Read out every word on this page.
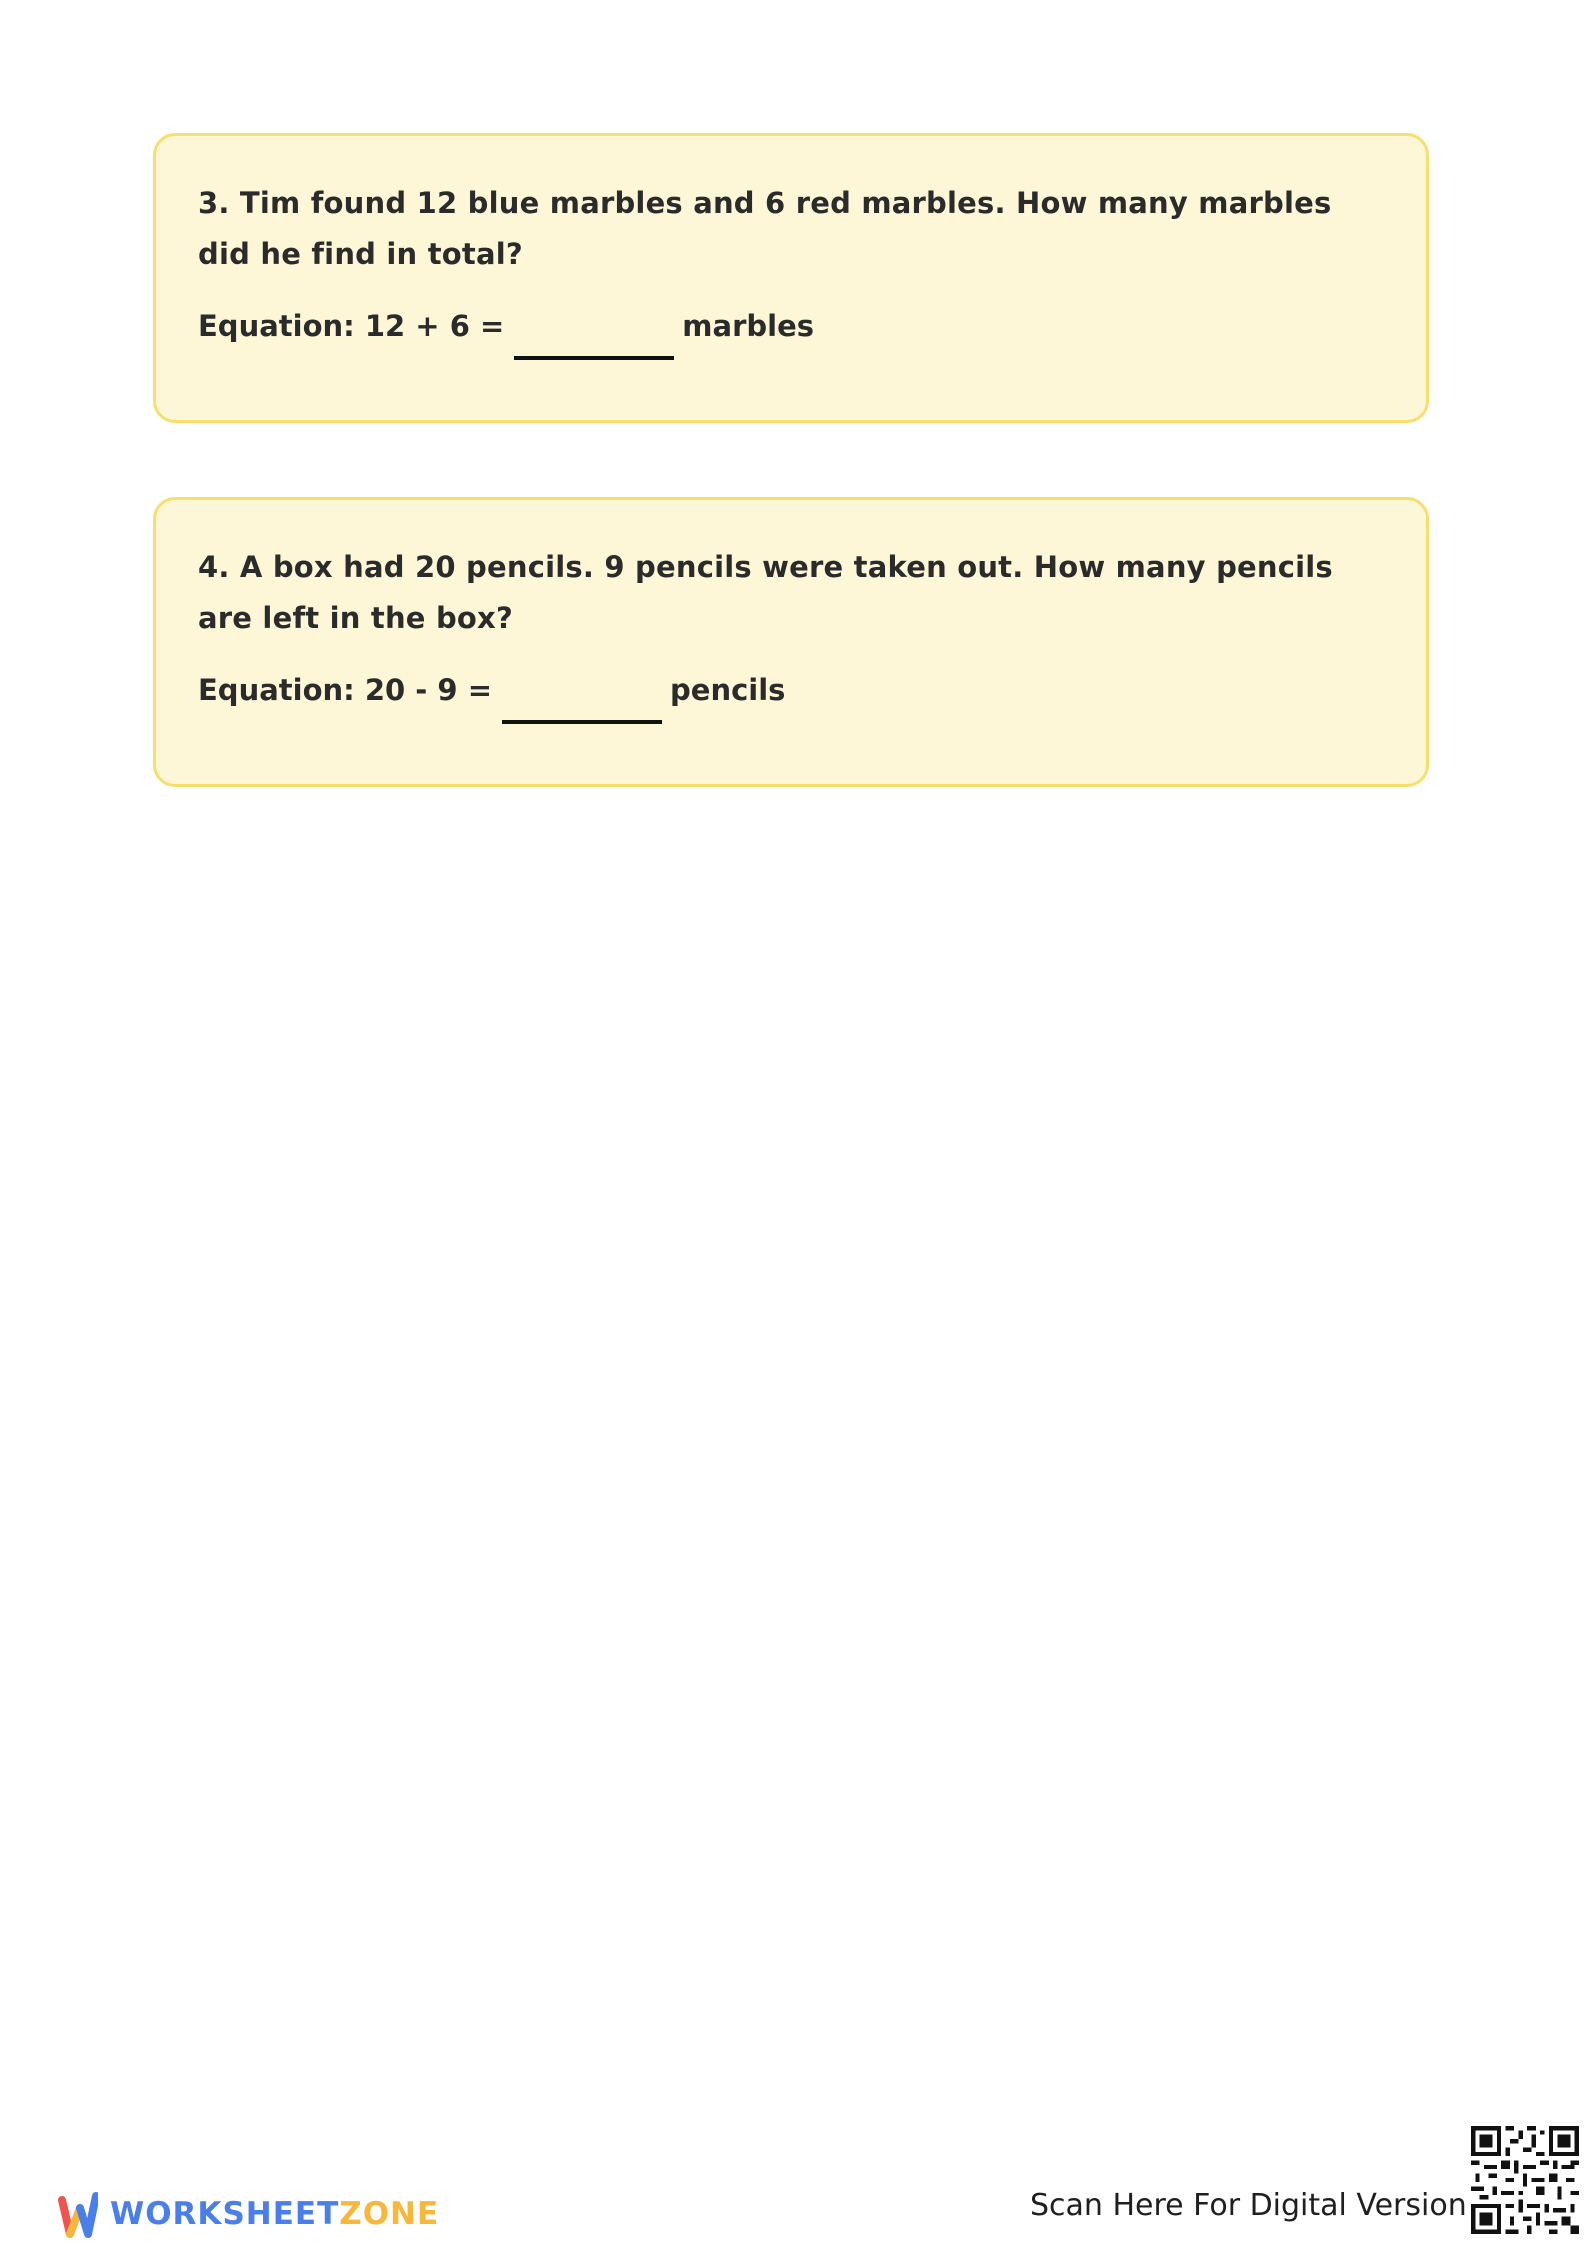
3. Tim found 12 blue marbles and 6 red marbles. How many marbles did he find in total?

Equation: 12 + 6 =	marbles

4. A box had 20 pencils. 9 pencils were taken out. How many pencils are left in the box?

Equation: 20 - 9 =	pencils
WORKSHEETZONE	Scan Here For Digital Version
